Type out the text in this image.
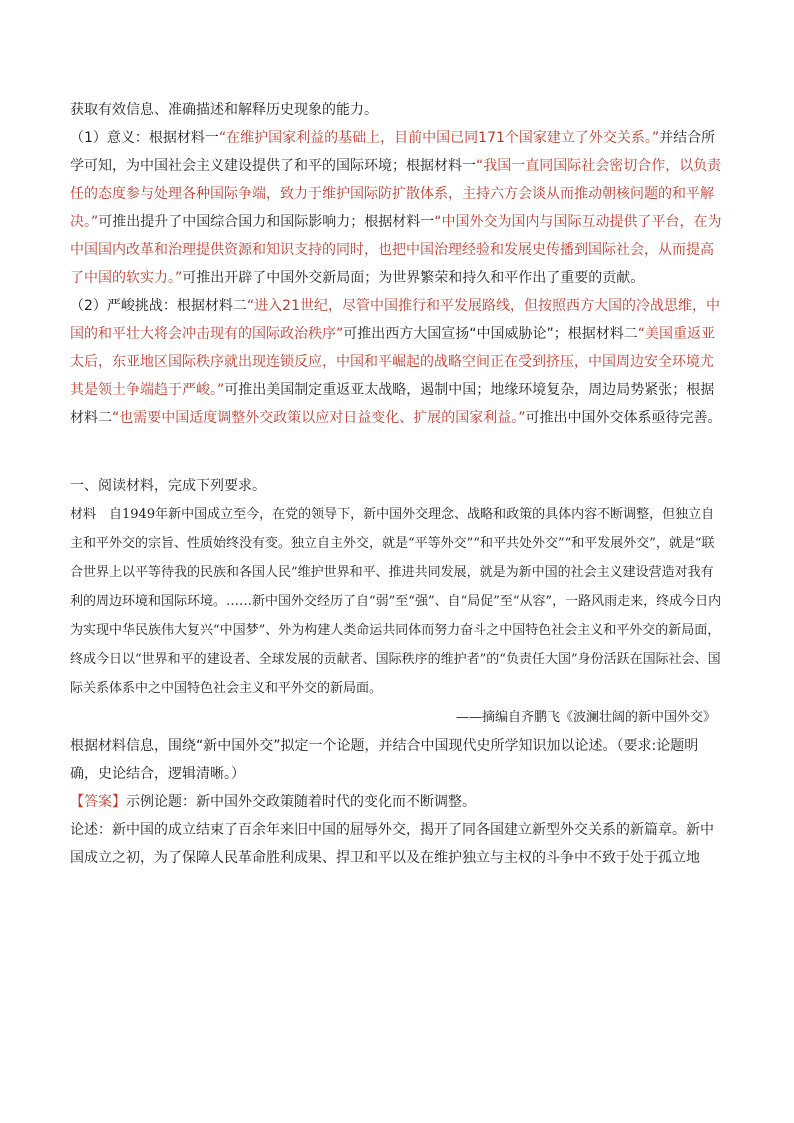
获取有效信息、准确描述和解释历史现象的能力。

（1）意义：根据材料一“在维护国家利益的基础上，目前中国已同171个国家建立了外交关系。”并结合所学可知，为中国社会主义建设提供了和平的国际环境；根据材料一“我国一直同国际社会密切合作，以负责任的态度参与处理各种国际争端，致力于维护国际防扩散体系，主持六方会谈从而推动朝核问题的和平解决。”可推出提升了中国综合国力和国际影响力；根据材料一“中国外交为国内与国际互动提供了平台，在为中国国内改革和治理提供资源和知识支持的同时，也把中国治理经验和发展史传播到国际社会，从而提高了中国的软实力。”可推出开辟了中国外交新局面；为世界繁荣和持久和平作出了重要的贡献。

（2）严峻挑战：根据材料二“进入21世纪，尽管中国推行和平发展路线，但按照西方大国的冷战思维，中国的和平壮大将会冲击现有的国际政治秩序”可推出西方大国宣扬“中国威胁论”；根据材料二“美国重返亚太后，东亚地区国际秩序就出现连锁反应，中国和平崛起的战略空间正在受到挤压，中国周边安全环境尤其是领土争端趋于严峻。”可推出美国制定重返亚太战略，遏制中国；地缘环境复杂，周边局势紧张；根据材料二“也需要中国适度调整外交政策以应对日益变化、扩展的国家利益。”可推出中国外交体系亟待完善。

一、阅读材料，完成下列要求。

材料　自1949年新中国成立至今，在党的领导下，新中国外交理念、战略和政策的具体内容不断调整，但独立自主和平外交的宗旨、性质始终没有变。独立自主外交，就是“平等外交”“和平共处外交”“和平发展外交”，就是“联合世界上以平等待我的民族和各国人民”维护世界和平、推进共同发展，就是为新中国的社会主义建设营造对我有利的周边环境和国际环境。……新中国外交经历了自“弱”至“强”、自“局促”至“从容”，一路风雨走来，终成今日内为实现中华民族伟大复兴“中国梦”、外为构建人类命运共同体而努力奋斗之中国特色社会主义和平外交的新局面，终成今日以“世界和平的建设者、全球发展的贡献者、国际秩序的维护者”的“负责任大国”身份活跃在国际社会、国际关系体系中之中国特色社会主义和平外交的新局面。

——摘编自齐鹏飞《波澜壮阔的新中国外交》

根据材料信息，围绕“新中国外交”拟定一个论题，并结合中国现代史所学知识加以论述。（要求:论题明确，史论结合，逻辑清晰。）

【答案】示例论题：新中国外交政策随着时代的变化而不断调整。

论述：新中国的成立结束了百余年来旧中国的屈辱外交，揭开了同各国建立新型外交关系的新篇章。新中国成立之初，为了保障人民革命胜利成果、捍卫和平以及在维护独立与主权的斗争中不致于处于孤立地
